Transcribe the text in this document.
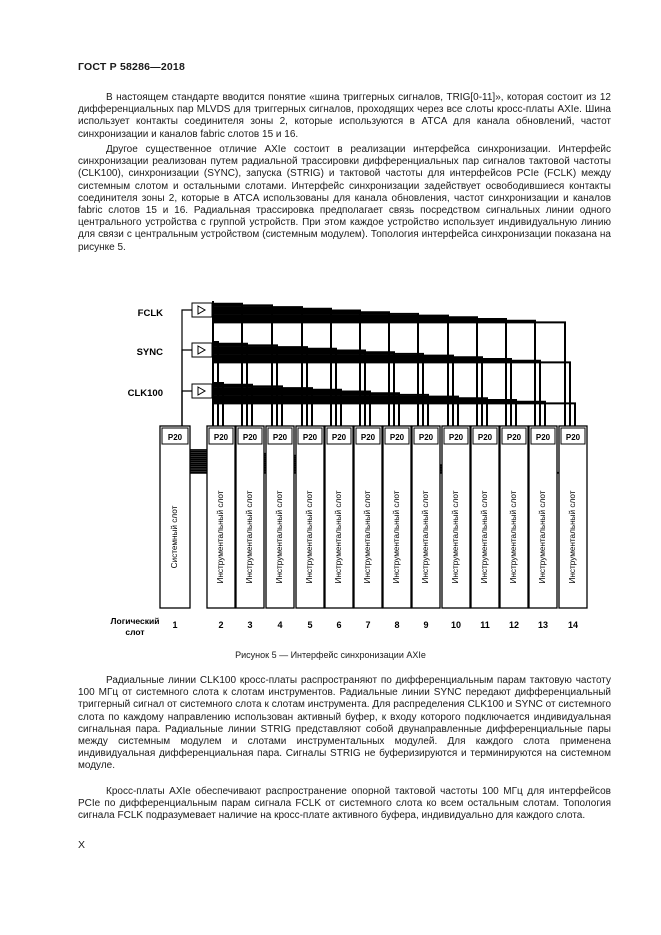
ГОСТ Р 58286—2018

В настоящем стандарте вводится понятие «шина триггерных сигналов, TRIG[0-11]», которая состоит из 12 дифференциальных пар MLVDS для триггерных сигналов, проходящих через все слоты кросс-платы AXIe. Шина использует контакты соединителя зоны 2, которые используются в ATCA для канала обновлений, частот синхронизации и каналов fabric слотов 15 и 16.

Другое существенное отличие AXIe состоит в реализации интерфейса синхронизации. Интерфейс синхронизации реализован путем радиальной трассировки дифференциальных пар сигналов тактовой частоты (CLK100), синхронизации (SYNC), запуска (STRIG) и тактовой частоты для интерфейсов PCIe (FCLK) между системным слотом и остальными слотами. Интерфейс синхронизации задействует освободившиеся контакты соединителя зоны 2, которые в ATCA использованы для канала обновления, частот синхронизации и каналов fabric слотов 15 и 16. Радиальная трассировка предполагает связь посредством сигнальных линии одного центрального устройства с группой устройств. При этом каждое устройство использует индивидуальную линию для связи с центральным устройством (системным модулем). Топология интерфейса синхронизации показана на рисунке 5.

P20
Системный слот
1
P20
Инструментальный слот
2
P20
Инструментальный слот
3
P20
Инструментальный слот
4
P20
Инструментальный слот
5
P20
Инструментальный слот
6
P20
Инструментальный слот
7
P20
Инструментальный слот
8
P20
Инструментальный слот
9
P20
Инструментальный слот
10
P20
Инструментальный слот
11
P20
Инструментальный слот
12
P20
Инструментальный слот
13
P20
Инструментальный слот
14
FCLK
SYNC
CLK100
Логический
слот
Рисунок 5 — Интерфейс синхронизации AXIe

Радиальные линии CLK100 кросс-платы распространяют по дифференциальным парам тактовую частоту 100 МГц от системного слота к слотам инструментов. Радиальные линии SYNC передают дифференциальный триггерный сигнал от системного слота к слотам инструмента. Для распределения CLK100 и SYNC от системного слота по каждому направлению использован активный буфер, к входу которого подключается индивидуальная сигнальная пара. Радиальные линии STRIG представляют собой двунаправленные дифференциальные пары между системным модулем и слотами инструментальных модулей. Для каждого слота применена индивидуальная дифференциальная пара. Сигналы STRIG не буферизируются и терминируются на системном модуле.

Кросс-платы AXIe обеспечивают распространение опорной тактовой частоты 100 МГц для интерфейсов PCIe по дифференциальным парам сигнала FCLK от системного слота ко всем остальным слотам. Топология сигнала FCLK подразумевает наличие на кросс-плате активного буфера, индивидуально для каждого слота.

X
